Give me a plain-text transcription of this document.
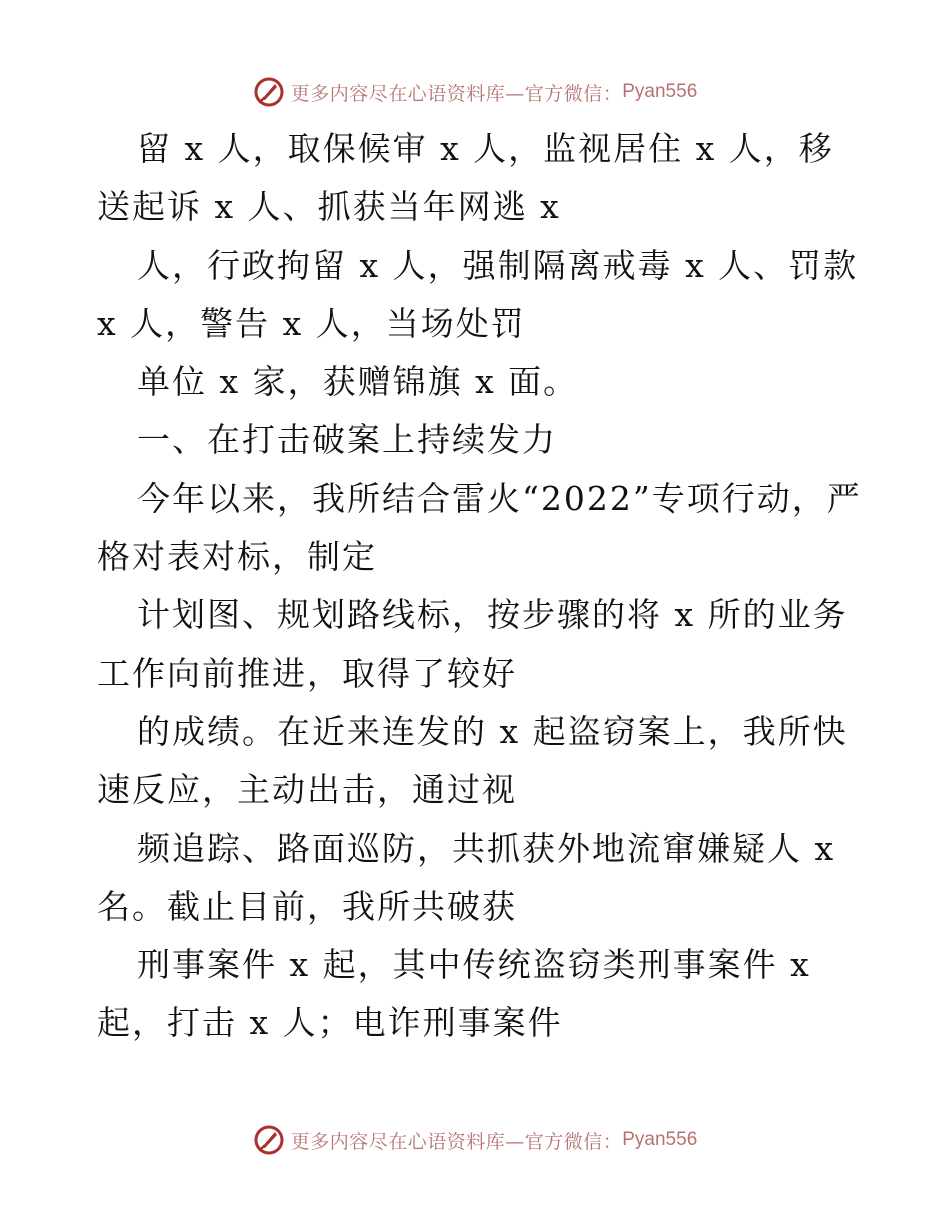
更多内容尽在心语资料库—官方微信： Pyan556
留 x 人，取保候审 x 人，监视居住 x 人，移
送起诉 x 人、抓获当年网逃 x
人，行政拘留 x 人，强制隔离戒毒 x 人、罚款
x 人，警告 x 人，当场处罚
单位 x 家，获赠锦旗 x 面。
一、在打击破案上持续发力
今年以来，我所结合雷火“2022”专项行动，严
格对表对标，制定
计划图、规划路线标，按步骤的将 x 所的业务
工作向前推进，取得了较好
的成绩。在近来连发的 x 起盗窃案上，我所快
速反应，主动出击，通过视
频追踪、路面巡防，共抓获外地流窜嫌疑人 x
名。截止目前，我所共破获
刑事案件 x 起，其中传统盗窃类刑事案件 x
起，打击 x 人；电诈刑事案件
更多内容尽在心语资料库—官方微信： Pyan556
